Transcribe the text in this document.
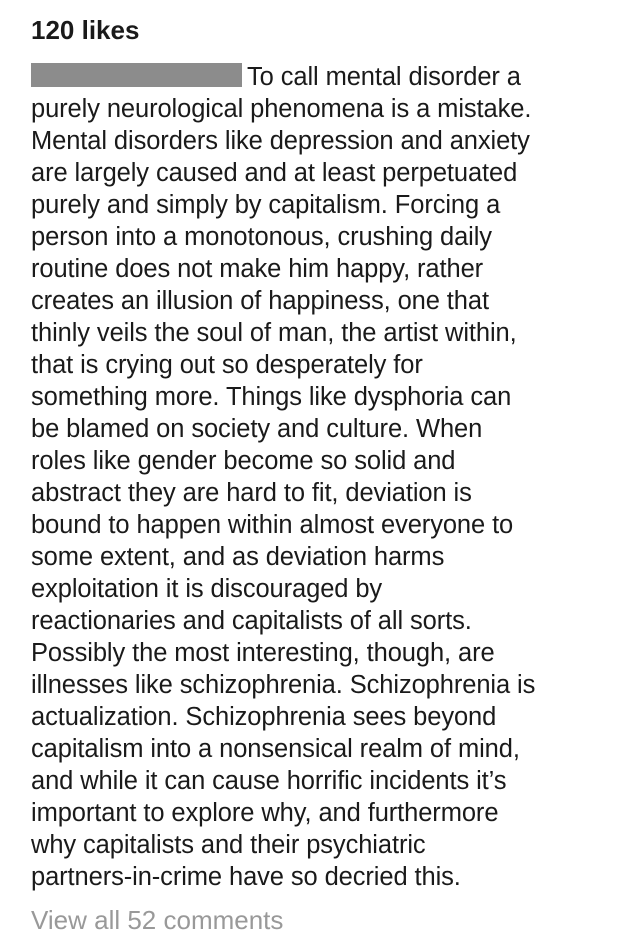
120 likes
To call mental disorder a
purely neurological phenomena is a mistake.
Mental disorders like depression and anxiety
are largely caused and at least perpetuated
purely and simply by capitalism. Forcing a
person into a monotonous, crushing daily
routine does not make him happy, rather
creates an illusion of happiness, one that
thinly veils the soul of man, the artist within,
that is crying out so desperately for
something more. Things like dysphoria can
be blamed on society and culture. When
roles like gender become so solid and
abstract they are hard to fit, deviation is
bound to happen within almost everyone to
some extent, and as deviation harms
exploitation it is discouraged by
reactionaries and capitalists of all sorts.
Possibly the most interesting, though, are
illnesses like schizophrenia. Schizophrenia is
actualization. Schizophrenia sees beyond
capitalism into a nonsensical realm of mind,
and while it can cause horrific incidents it’s
important to explore why, and furthermore
why capitalists and their psychiatric
partners-in-crime have so decried this.
View all 52 comments
